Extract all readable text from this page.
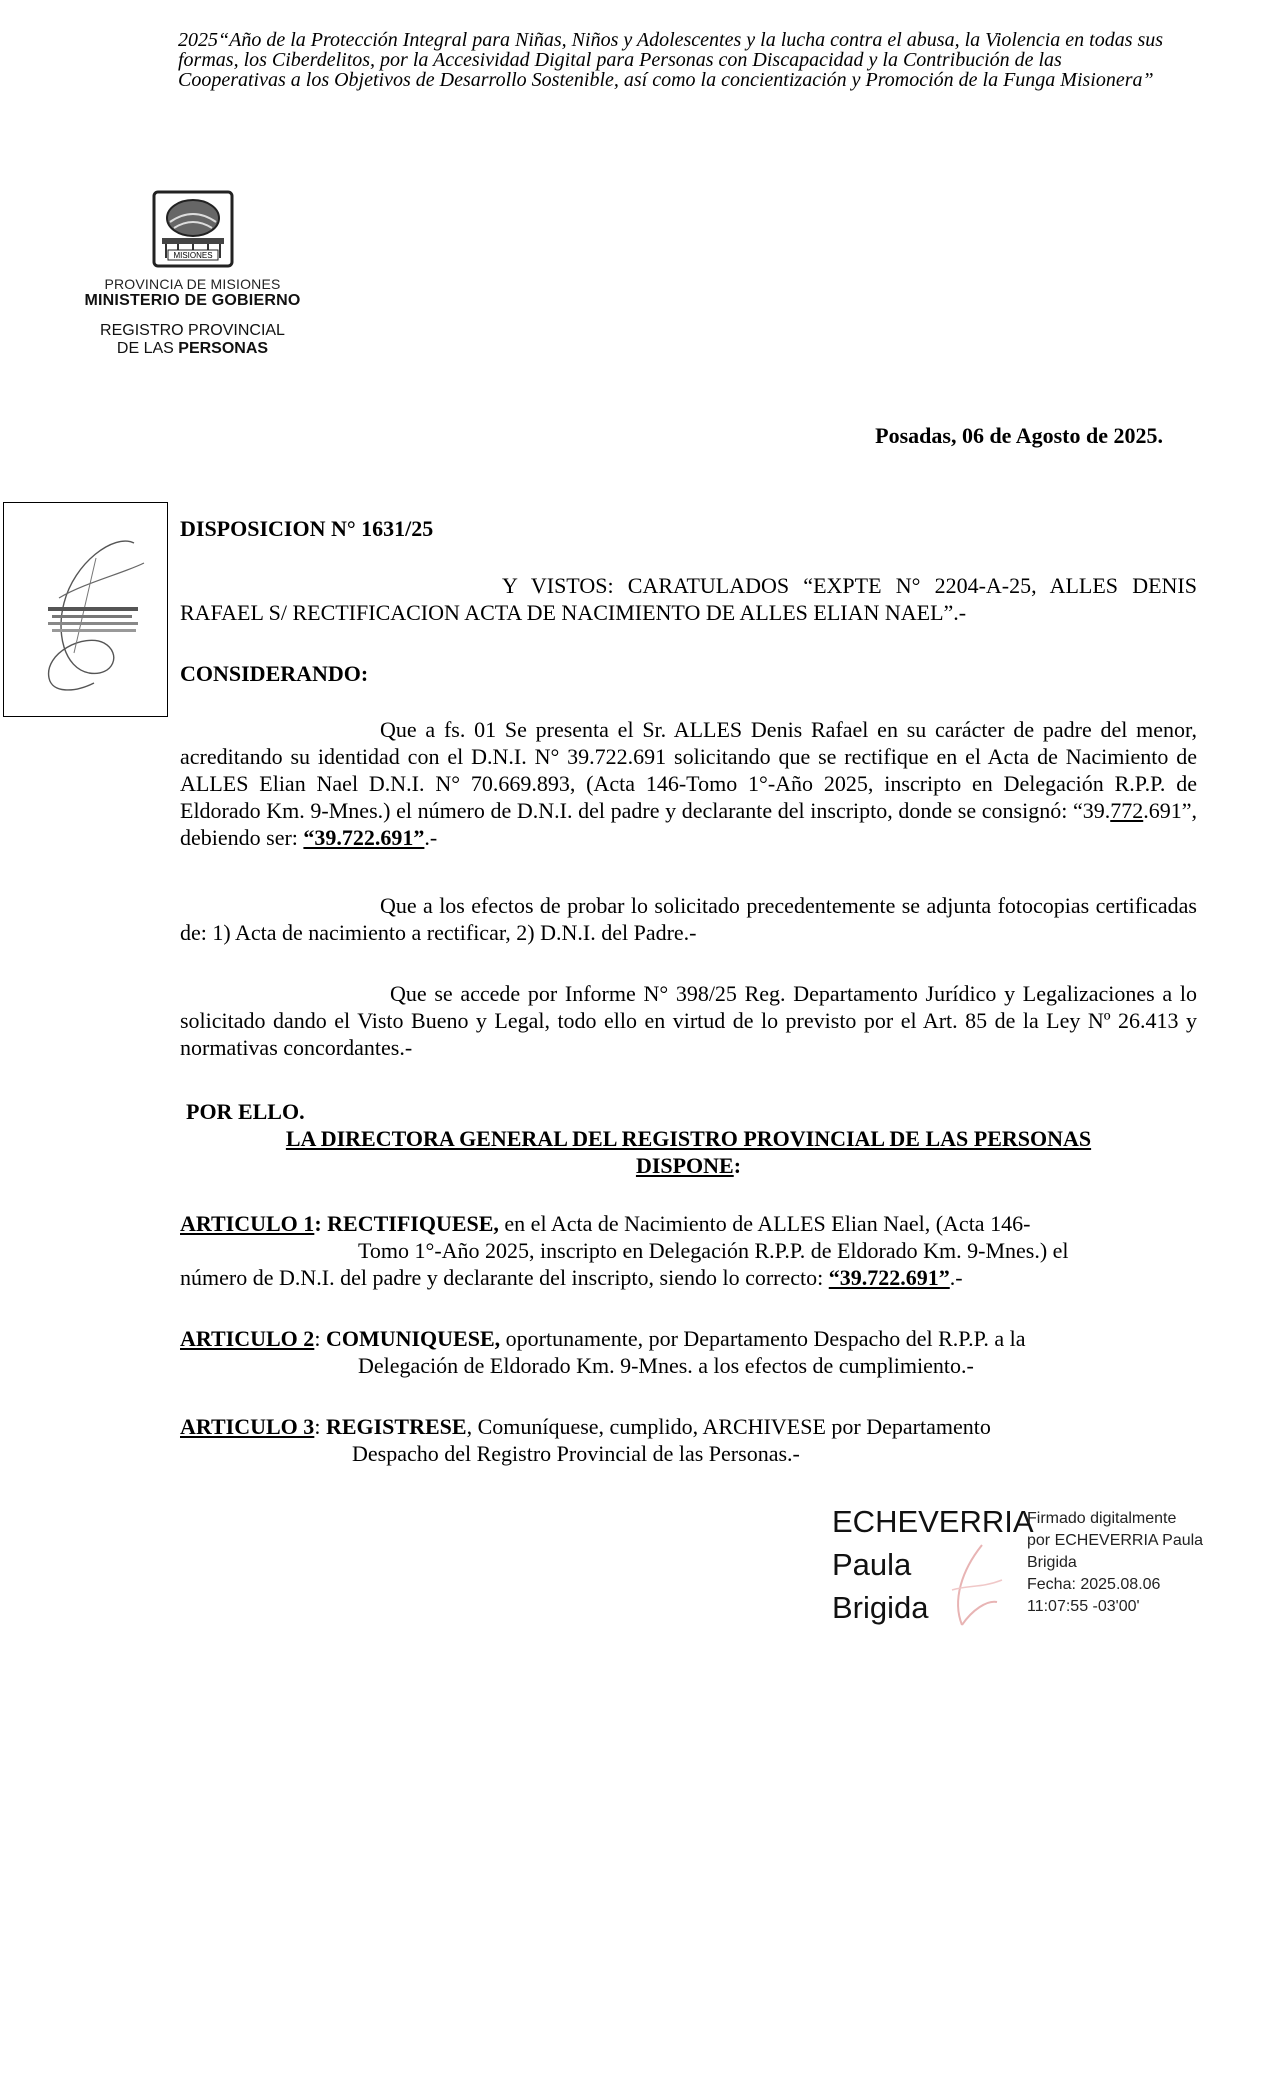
2025“Año de la Protección Integral para Niñas, Niños y Adolescentes y la lucha contra el abusa, la Violencia en todas sus formas, los Ciberdelitos, por la Accesividad Digital para Personas con Discapacidad y la Contribución de las Cooperativas a los Objetivos de Desarrollo Sostenible, así como la concientización y Promoción de la Funga Misionera”
MISIONES
PROVINCIA DE MISIONES
MINISTERIO DE GOBIERNO
REGISTRO PROVINCIAL
DE LAS PERSONAS
Posadas, 06 de Agosto de 2025.
DISPOSICION N° 1631/25
Y VISTOS: CARATULADOS “EXPTE N° 2204-A-25, ALLES DENIS RAFAEL S/ RECTIFICACION ACTA DE NACIMIENTO DE ALLES ELIAN NAEL”.-
CONSIDERANDO:
Que a fs. 01 Se presenta el Sr. ALLES Denis Rafael en su carácter de padre del menor, acreditando su identidad con el D.N.I. N° 39.722.691 solicitando que se rectifique en el Acta de Nacimiento de ALLES Elian Nael D.N.I. N° 70.669.893, (Acta 146-Tomo 1°-Año 2025, inscripto en Delegación R.P.P. de Eldorado Km. 9-Mnes.) el número de D.N.I. del padre y declarante del inscripto, donde se consignó: “39.772.691”, debiendo ser: “39.722.691”.-
Que a los efectos de probar lo solicitado precedentemente se adjunta fotocopias certificadas de: 1) Acta de nacimiento a rectificar, 2) D.N.I. del Padre.-
Que se accede por Informe N° 398/25 Reg. Departamento Jurídico y Legalizaciones a lo solicitado dando el Visto Bueno y Legal, todo ello en virtud de lo previsto por el Art. 85 de la Ley Nº 26.413 y normativas concordantes.-
POR ELLO.
LA DIRECTORA GENERAL DEL REGISTRO PROVINCIAL DE LAS PERSONAS
DISPONE:
ARTICULO 1: RECTIFIQUESE, en el Acta de Nacimiento de ALLES Elian Nael, (Acta 146-
Tomo 1°-Año 2025, inscripto en Delegación R.P.P. de Eldorado Km. 9-Mnes.) el
número de D.N.I. del padre y declarante del inscripto, siendo lo correcto: “39.722.691”.-
ARTICULO 2: COMUNIQUESE, oportunamente, por Departamento Despacho del R.P.P. a la
Delegación de Eldorado Km. 9-Mnes. a los efectos de cumplimiento.-
ARTICULO 3: REGISTRESE, Comuníquese, cumplido, ARCHIVESE por Departamento
Despacho del Registro Provincial de las Personas.-
ECHEVERRIA
Paula
Brigida
Firmado digitalmente
por ECHEVERRIA Paula
Brigida
Fecha: 2025.08.06
11:07:55 -03'00'
